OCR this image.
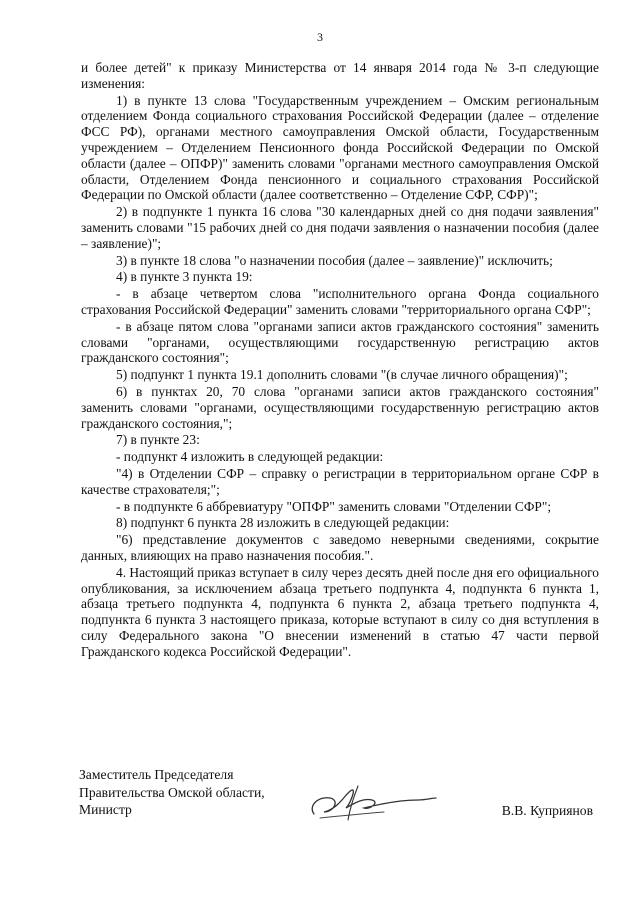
3

и более детей" к приказу Министерства от 14 января 2014 года № 3-п следующие изменения:

1) в пункте 13 слова "Государственным учреждением – Омским региональным отделением Фонда социального страхования Российской Федерации (далее – отделение ФСС РФ), органами местного самоуправления Омской области, Государственным учреждением – Отделением Пенсионного фонда Российской Федерации по Омской области (далее – ОПФР)" заменить словами "органами местного самоуправления Омской области, Отделением Фонда пенсионного и социального страхования Российской Федерации по Омской области (далее соответственно – Отделение СФР, СФР)";

2) в подпункте 1 пункта 16 слова "30 календарных дней со дня подачи заявления" заменить словами "15 рабочих дней со дня подачи заявления о назначении пособия (далее – заявление)";

3) в пункте 18 слова "о назначении пособия (далее – заявление)" исключить;

4) в пункте 3 пункта 19:

- в абзаце четвертом слова "исполнительного органа Фонда социального страхования Российской Федерации" заменить словами "территориального органа СФР";

- в абзаце пятом слова "органами записи актов гражданского состояния" заменить словами "органами, осуществляющими государственную регистрацию актов гражданского состояния";

5) подпункт 1 пункта 19.1 дополнить словами "(в случае личного обращения)";

6) в пунктах 20, 70 слова "органами записи актов гражданского состояния" заменить словами "органами, осуществляющими государственную регистрацию актов гражданского состояния,";

7) в пункте 23:

- подпункт 4 изложить в следующей редакции:

"4) в Отделении СФР – справку о регистрации в территориальном органе СФР в качестве страхователя;";

- в подпункте 6 аббревиатуру "ОПФР" заменить словами "Отделении СФР";

8) подпункт 6 пункта 28 изложить в следующей редакции:

"6) представление документов с заведомо неверными сведениями, сокрытие данных, влияющих на право назначения пособия.".

4. Настоящий приказ вступает в силу через десять дней после дня его официального опубликования, за исключением абзаца третьего подпункта 4, подпункта 6 пункта 1, абзаца третьего подпункта 4, подпункта 6 пункта 2, абзаца третьего подпункта 4, подпункта 6 пункта 3 настоящего приказа, которые вступают в силу со дня вступления в силу Федерального закона "О внесении изменений в статью 47 части первой Гражданского кодекса Российской Федерации".

Заместитель Председателя
Правительства Омской области,
Министр	В.В. Куприянов
